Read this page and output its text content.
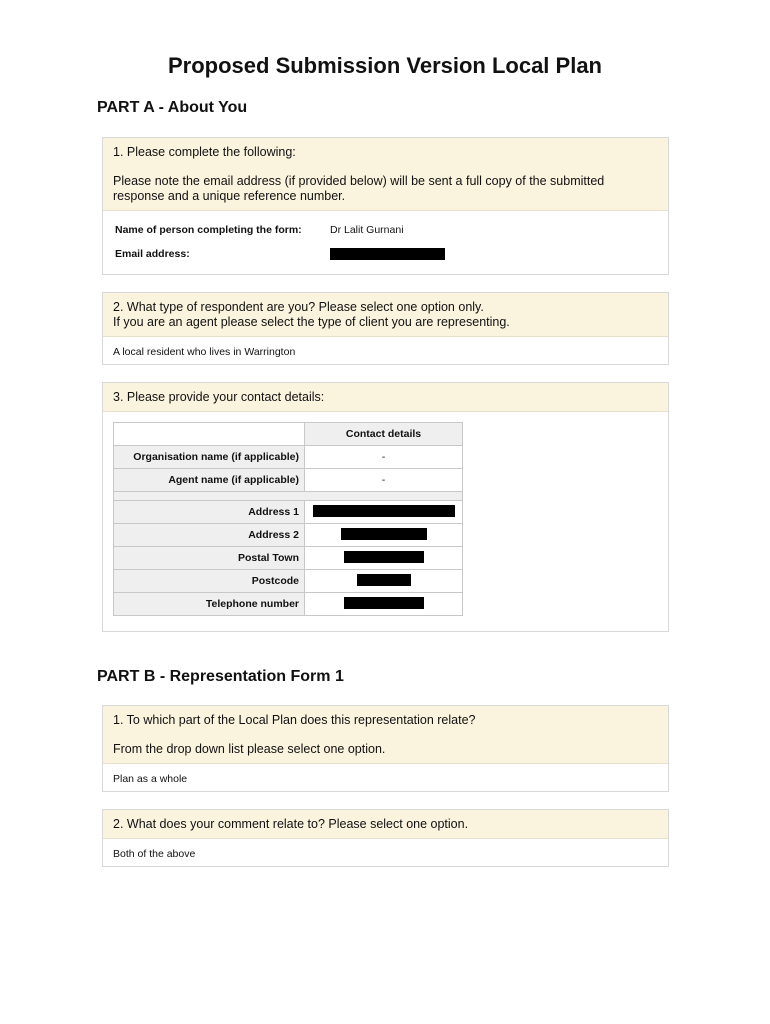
Proposed Submission Version Local Plan
PART A - About You

1. Please complete the following:

Please note the email address (if provided below) will be sent a full copy of the submitted response and a unique reference number.

Name of person completing the form:	Dr Lalit Gurnani
Email address:

2. What type of respondent are you? Please select one option only.

If you are an agent please select the type of client you are representing.

A local resident who lives in Warrington

3. Please provide your contact details:

	Contact details
Organisation name (if applicable)	-
Agent name (if applicable)	-

Address 1	
Address 2	
Postal Town	
Postcode	
Telephone number	
PART B - Representation Form 1

1. To which part of the Local Plan does this representation relate?

From the drop down list please select one option.

Plan as a whole

2. What does your comment relate to? Please select one option.

Both of the above
